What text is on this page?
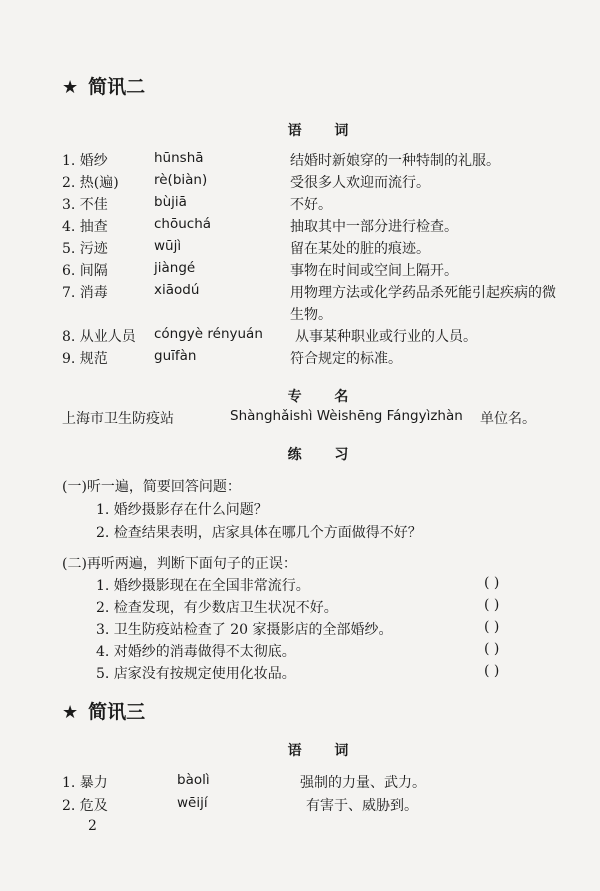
★ 简讯二
语 词
1. 婚纱	hūnshā	结婚时新娘穿的一种特制的礼服。
2. 热(遍)	rè(biàn)	受很多人欢迎而流行。
3. 不佳	bùjiā	不好。
4. 抽查	chōuchá	抽取其中一部分进行检查。
5. 污迹	wūjì	留在某处的脏的痕迹。
6. 间隔	jiàngé	事物在时间或空间上隔开。
7. 消毒	xiāodú	用物理方法或化学药品杀死能引起疾病的微
生物。
8. 从业人员 cóngyè rényuán 从事某种职业或行业的人员。
9. 规范	guīfàn	符合规定的标准。
专 名
上海市卫生防疫站	Shànghǎishì Wèishēng Fángyìzhàn 单位名。
练 习
(一)听一遍，简要回答问题：
1. 婚纱摄影存在什么问题？
2. 检查结果表明，店家具体在哪几个方面做得不好？
(二)再听两遍，判断下面句子的正误：
1. 婚纱摄影现在在全国非常流行。	( )
2. 检查发现，有少数店卫生状况不好。	( )
3. 卫生防疫站检查了 20 家摄影店的全部婚纱。	( )
4. 对婚纱的消毒做得不太彻底。	( )
5. 店家没有按规定使用化妆品。	( )
★ 简讯三
语 词
1. 暴力	bàolì	强制的力量、武力。
2. 危及	wēijí	有害于、威胁到。
2
